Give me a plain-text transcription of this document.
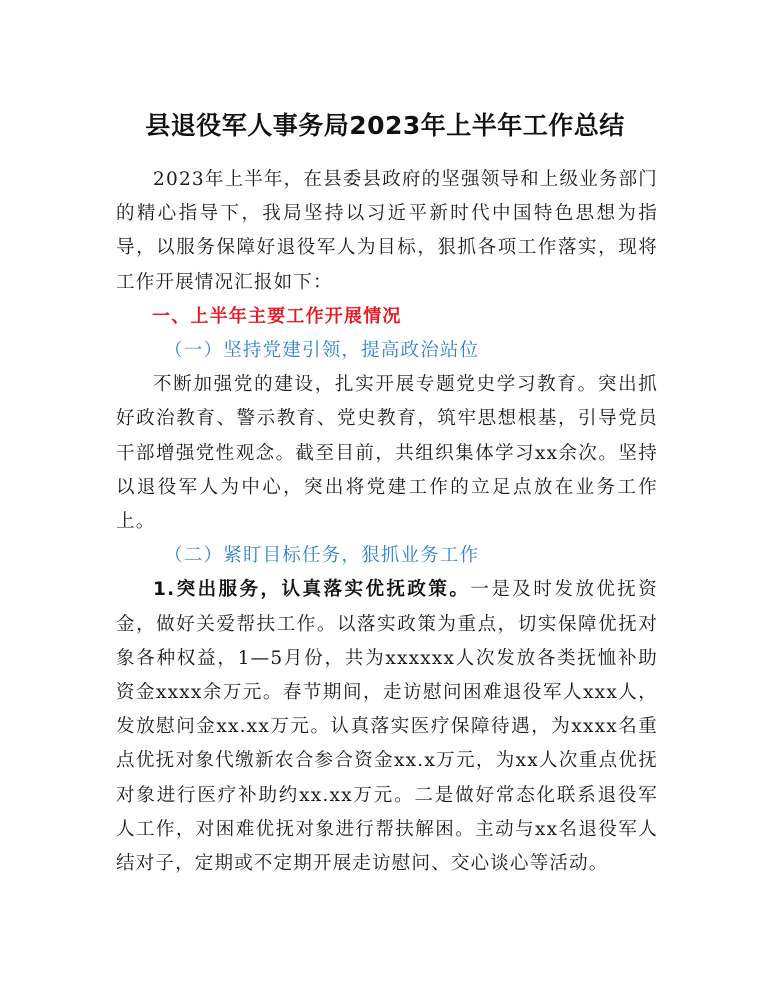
县退役军人事务局2023年上半年工作总结

2023年上半年，在县委县政府的坚强领导和上级业务部门的精心指导下，我局坚持以习近平新时代中国特色思想为指导，以服务保障好退役军人为目标，狠抓各项工作落实，现将工作开展情况汇报如下：

一、上半年主要工作开展情况

（一）坚持党建引领，提高政治站位

不断加强党的建设，扎实开展专题党史学习教育。突出抓好政治教育、警示教育、党史教育，筑牢思想根基，引导党员干部增强党性观念。截至目前，共组织集体学习xx余次。坚持以退役军人为中心，突出将党建工作的立足点放在业务工作上。

（二）紧盯目标任务，狠抓业务工作

1.突出服务，认真落实优抚政策。一是及时发放优抚资金，做好关爱帮扶工作。以落实政策为重点，切实保障优抚对象各种权益，1—5月份，共为xxxxxx人次发放各类抚恤补助资金xxxx余万元。春节期间，走访慰问困难退役军人xxx人，发放慰问金xx.xx万元。认真落实医疗保障待遇，为xxxx名重点优抚对象代缴新农合参合资金xx.x万元，为xx人次重点优抚对象进行医疗补助约xx.xx万元。二是做好常态化联系退役军人工作，对困难优抚对象进行帮扶解困。主动与xx名退役军人结对子，定期或不定期开展走访慰问、交心谈心等活动。
